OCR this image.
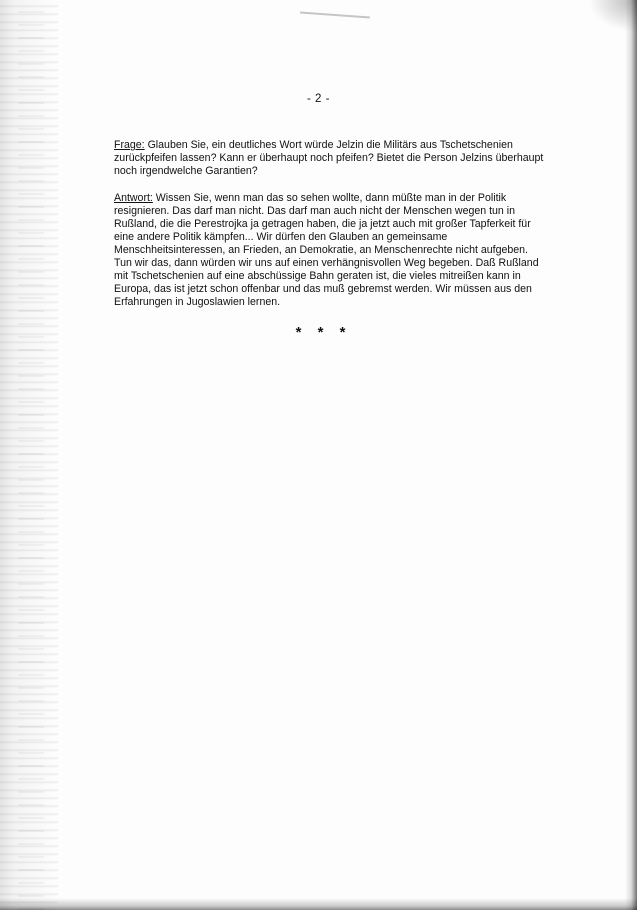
- 2 -

Frage: Glauben Sie, ein deutliches Wort würde Jelzin die Militärs aus Tschetschenien zurückpfeifen lassen? Kann er überhaupt noch pfeifen? Bietet die Person Jelzins überhaupt noch irgendwelche Garantien?

Antwort: Wissen Sie, wenn man das so sehen wollte, dann müßte man in der Politik resignieren. Das darf man nicht. Das darf man auch nicht der Menschen wegen tun in Rußland, die die Perestrojka ja getragen haben, die ja jetzt auch mit großer Tapferkeit für eine andere Politik kämpfen... Wir dürfen den Glauben an gemeinsame Menschheitsinteressen, an Frieden, an Demokratie, an Menschenrechte nicht aufgeben. Tun wir das, dann würden wir uns auf einen verhängnisvollen Weg begeben. Daß Rußland mit Tschetschenien auf eine abschüssige Bahn geraten ist, die vieles mitreißen kann in Europa, das ist jetzt schon offenbar und das muß gebremst werden. Wir müssen aus den Erfahrungen in Jugoslawien lernen.

* * *
